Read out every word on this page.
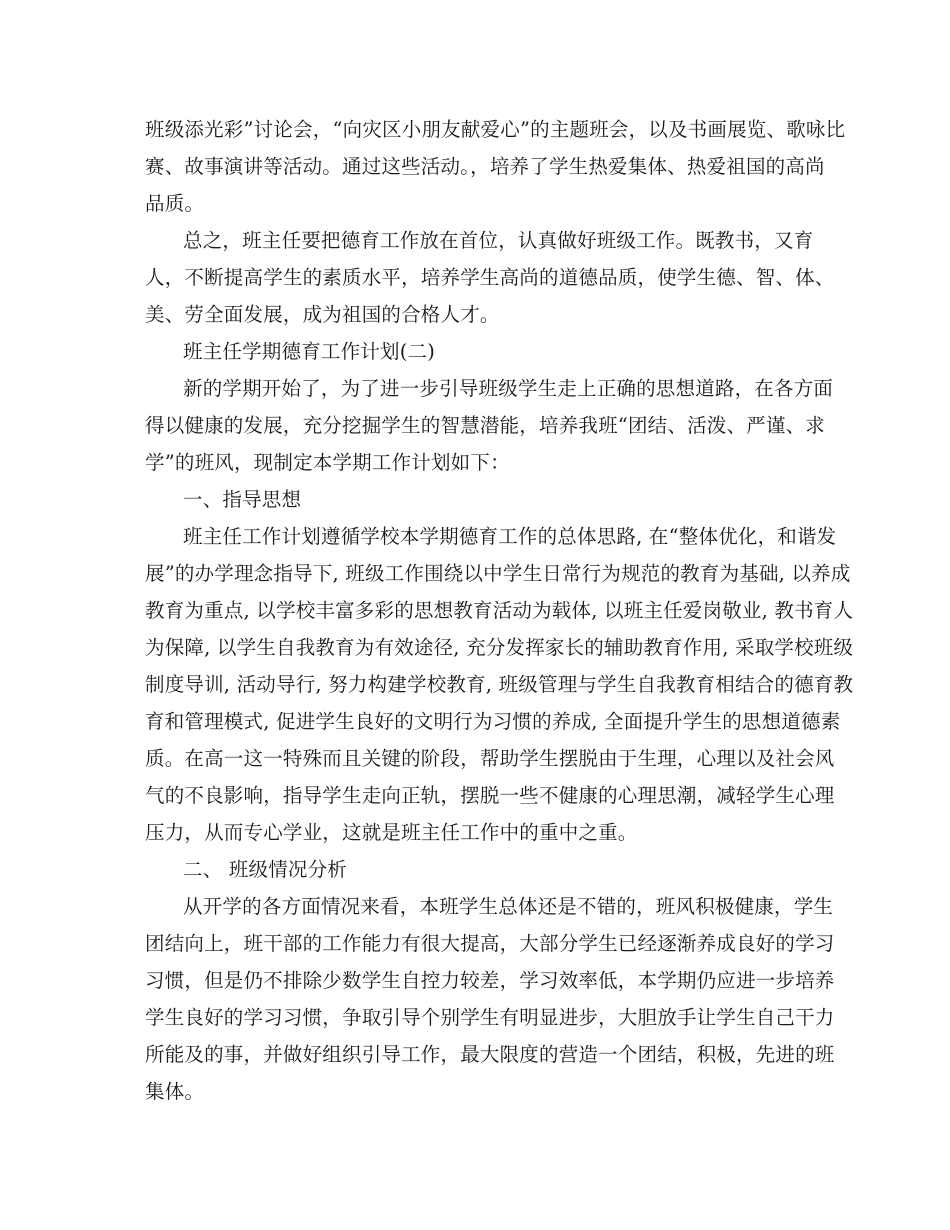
班级添光彩”讨论会，“向灾区小朋友献爱心”的主题班会，以及书画展览、歌咏比
赛、故事演讲等活动。通过这些活动。，培养了学生热爱集体、热爱祖国的高尚
品质。
总之，班主任要把德育工作放在首位，认真做好班级工作。既教书，又育
人，不断提高学生的素质水平，培养学生高尚的道德品质，使学生德、智、体、
美、劳全面发展，成为祖国的合格人才。
班主任学期德育工作计划(二)
新的学期开始了，为了进一步引导班级学生走上正确的思想道路，在各方面
得以健康的发展，充分挖掘学生的智慧潜能，培养我班“团结、活泼、严谨、求
学”的班风，现制定本学期工作计划如下：
一、指导思想
班主任工作计划遵循学校本学期德育工作的总体思路, 在“整体优化，和谐发
展”的办学理念指导下, 班级工作围绕以中学生日常行为规范的教育为基础, 以养成
教育为重点, 以学校丰富多彩的思想教育活动为载体, 以班主任爱岗敬业, 教书育人
为保障, 以学生自我教育为有效途径, 充分发挥家长的辅助教育作用, 采取学校班级
制度导训, 活动导行, 努力构建学校教育, 班级管理与学生自我教育相结合的德育教
育和管理模式, 促进学生良好的文明行为习惯的养成, 全面提升学生的思想道德素
质。在高一这一特殊而且关键的阶段，帮助学生摆脱由于生理，心理以及社会风
气的不良影响，指导学生走向正轨，摆脱一些不健康的心理思潮，减轻学生心理
压力，从而专心学业，这就是班主任工作中的重中之重。
二、 班级情况分析
从开学的各方面情况来看，本班学生总体还是不错的，班风积极健康，学生
团结向上，班干部的工作能力有很大提高，大部分学生已经逐渐养成良好的学习
习惯，但是仍不排除少数学生自控力较差，学习效率低，本学期仍应进一步培养
学生良好的学习习惯，争取引导个别学生有明显进步，大胆放手让学生自己干力
所能及的事，并做好组织引导工作，最大限度的营造一个团结，积极，先进的班
集体。
